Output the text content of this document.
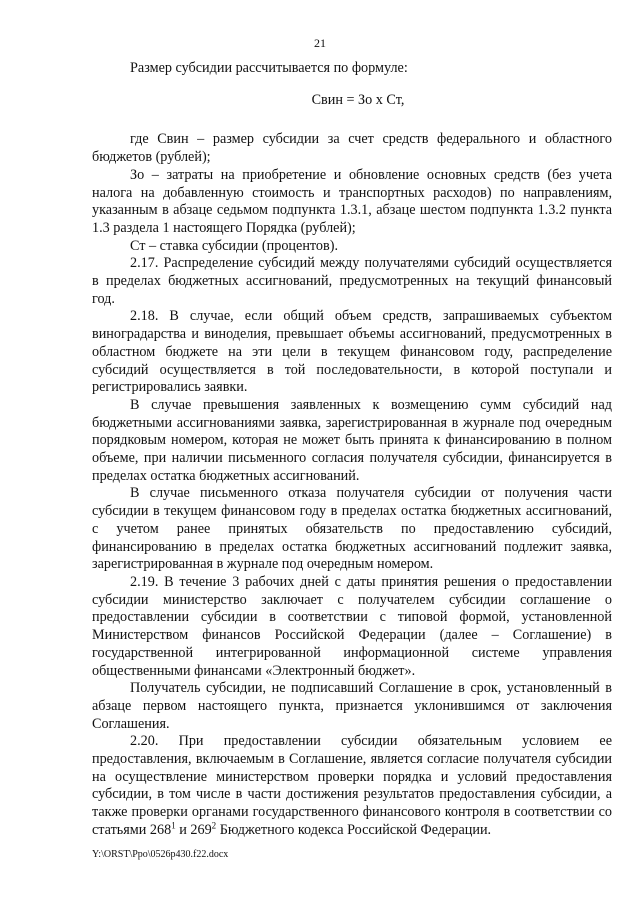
21

Размер субсидии рассчитывается по формуле:

Свин = Зо х Ст,

где Свин – размер субсидии за счет средств федерального и областного бюджетов (рублей);

Зо – затраты на приобретение и обновление основных средств (без учета налога на добавленную стоимость и транспортных расходов) по направлениям, указанным в абзаце седьмом подпункта 1.3.1, абзаце шестом подпункта 1.3.2 пункта 1.3 раздела 1 настоящего Порядка (рублей);

Ст – ставка субсидии (процентов).

2.17. Распределение субсидий между получателями субсидий осуществляется в пределах бюджетных ассигнований, предусмотренных на текущий финансовый год.

2.18. В случае, если общий объем средств, запрашиваемых субъектом виноградарства и виноделия, превышает объемы ассигнований, предусмотренных в областном бюджете на эти цели в текущем финансовом году, распределение субсидий осуществляется в той последовательности, в которой поступали и регистрировались заявки.

В случае превышения заявленных к возмещению сумм субсидий над бюджетными ассигнованиями заявка, зарегистрированная в журнале под очередным порядковым номером, которая не может быть принята к финансированию в полном объеме, при наличии письменного согласия получателя субсидии, финансируется в пределах остатка бюджетных ассигнований.

В случае письменного отказа получателя субсидии от получения части субсидии в текущем финансовом году в пределах остатка бюджетных ассигнований, с учетом ранее принятых обязательств по предоставлению субсидий, финансированию в пределах остатка бюджетных ассигнований подлежит заявка, зарегистрированная в журнале под очередным номером.

2.19. В течение 3 рабочих дней с даты принятия решения о предоставлении субсидии министерство заключает с получателем субсидии соглашение о предоставлении субсидии в соответствии с типовой формой, установленной Министерством финансов Российской Федерации (далее – Соглашение) в государственной интегрированной информационной системе управления общественными финансами «Электронный бюджет».

Получатель субсидии, не подписавший Соглашение в срок, установленный в абзаце первом настоящего пункта, признается уклонившимся от заключения Соглашения.

2.20. При предоставлении субсидии обязательным условием ее предоставления, включаемым в Соглашение, является согласие получателя субсидии на осуществление министерством проверки порядка и условий предоставления субсидии, в том числе в части достижения результатов предоставления субсидии, а также проверки органами государственного финансового контроля в соответствии со статьями $268^1$ и $269^2$ Бюджетного кодекса Российской Федерации.

Y:\ORST\Ppo\0526p430.f22.docx
